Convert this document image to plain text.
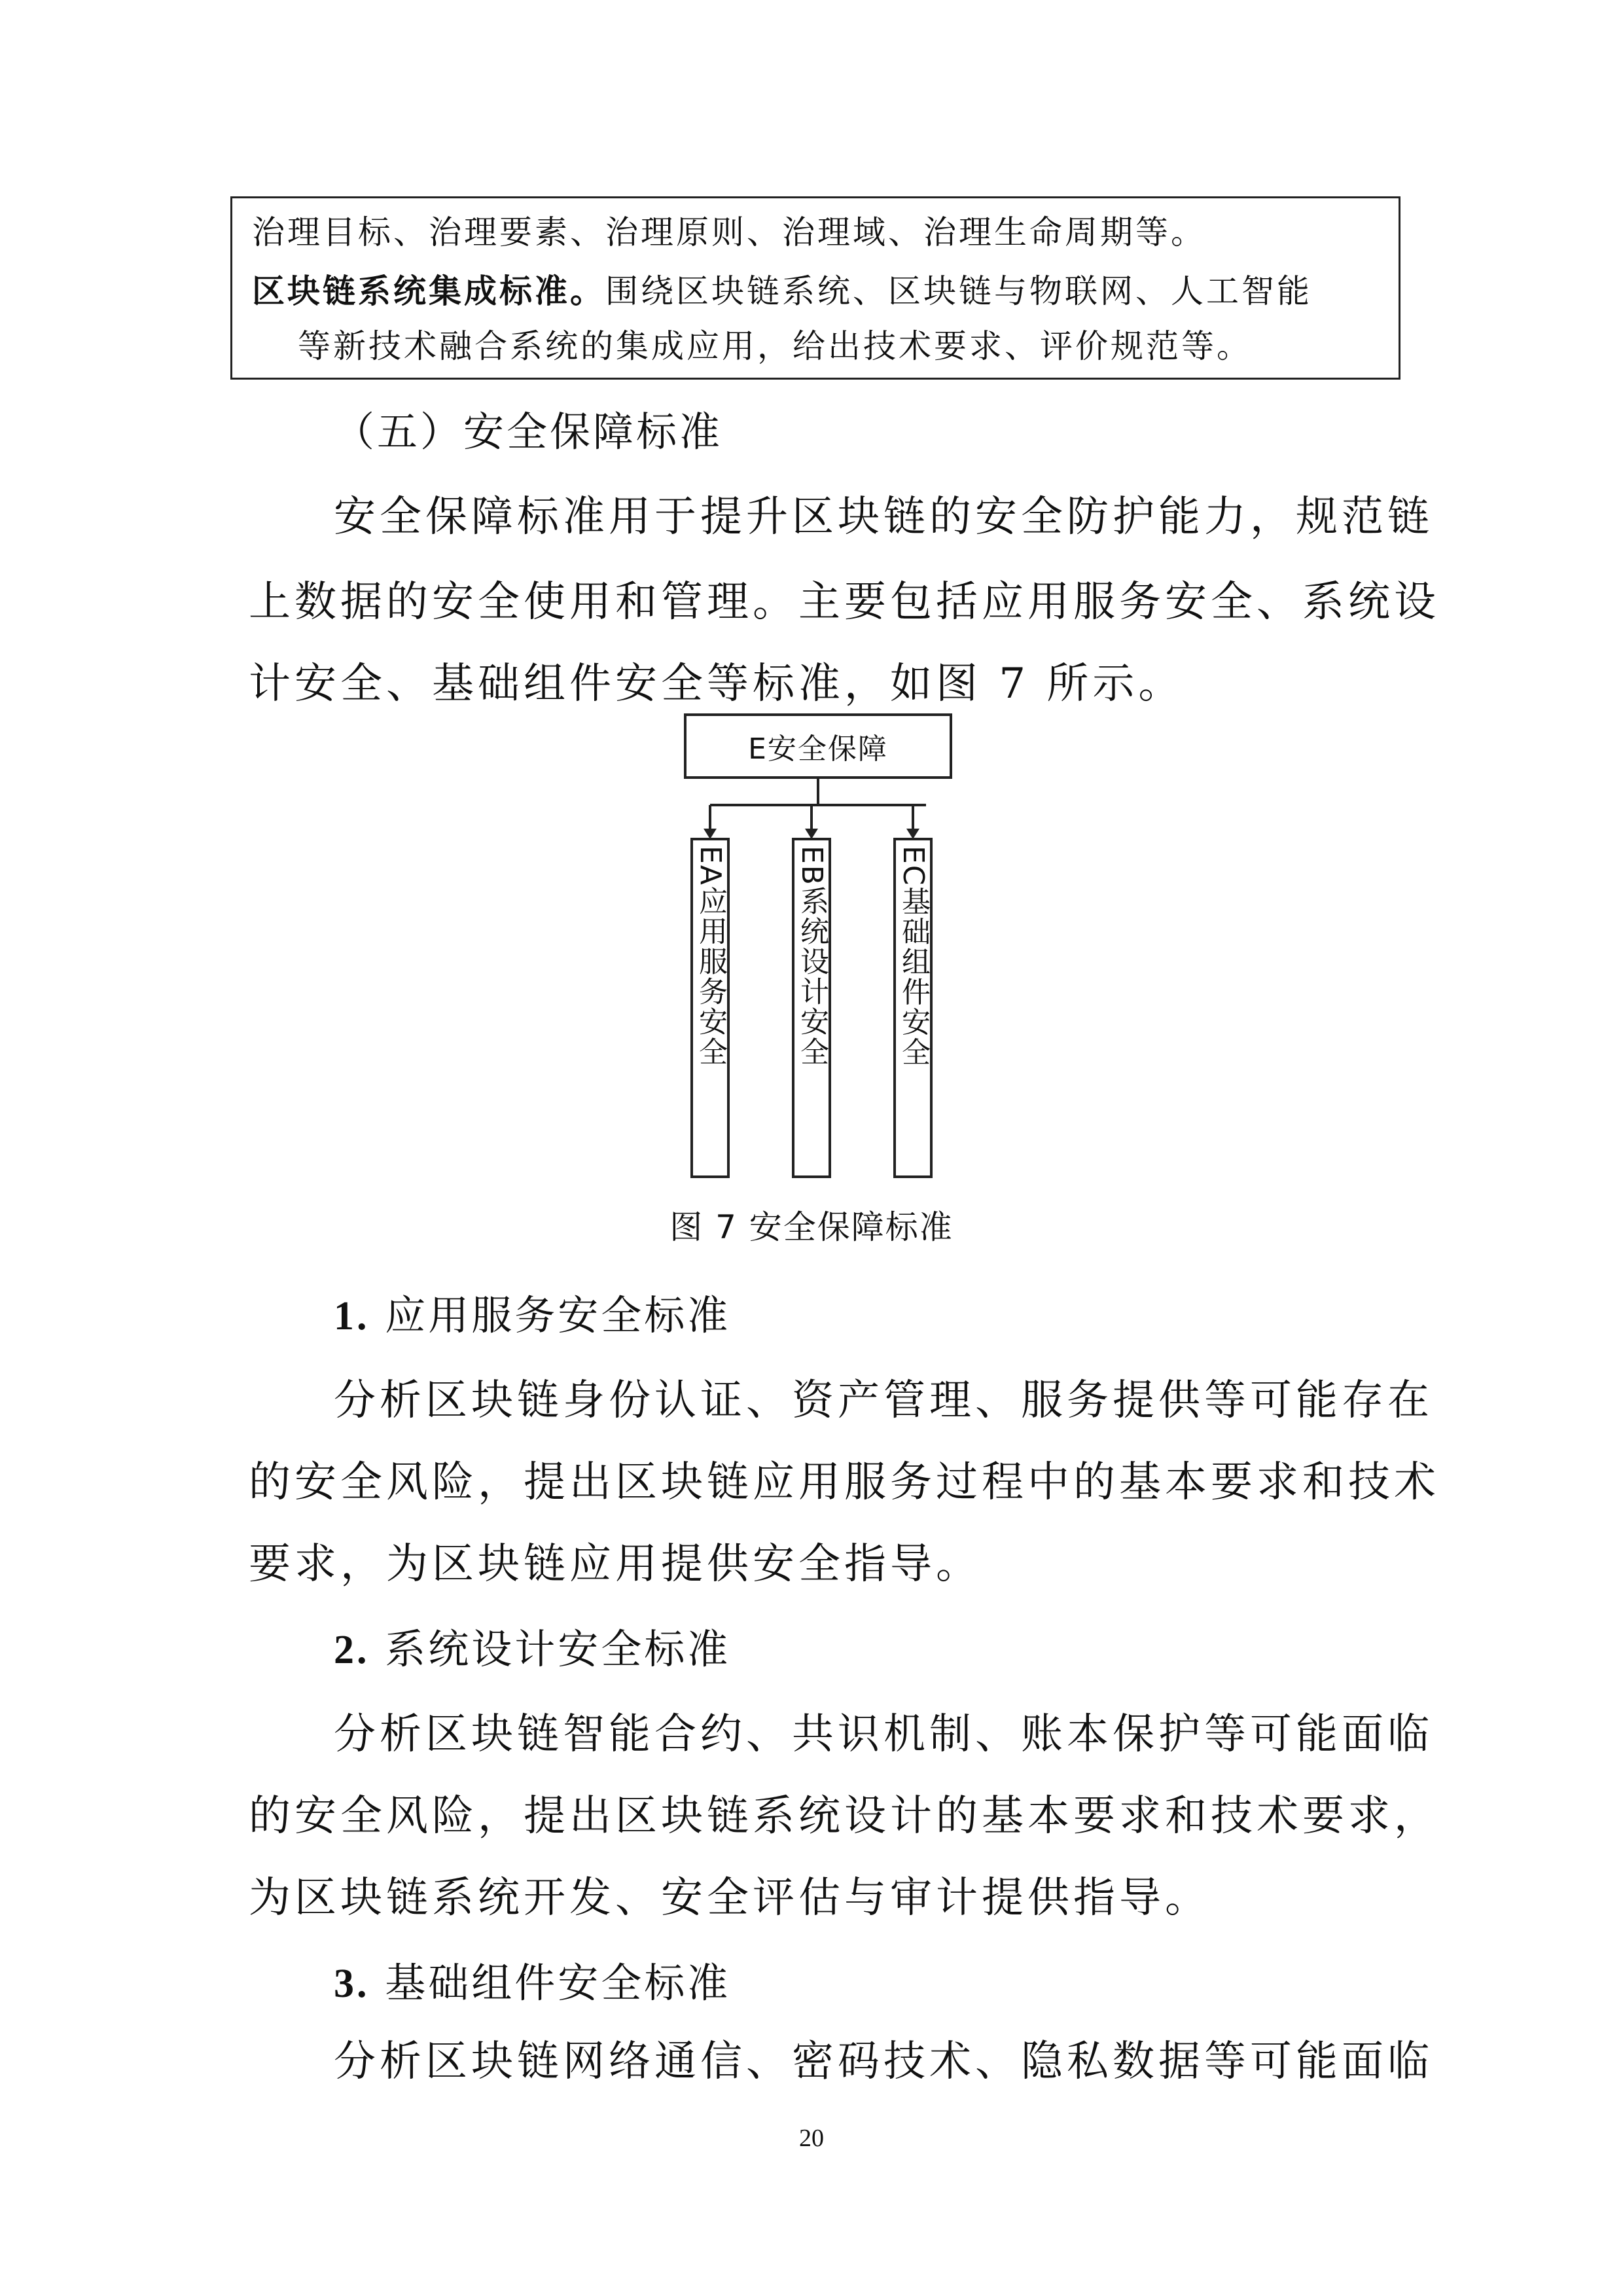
治理目标、治理要素、治理原则、治理域、治理生命周期等。
区块链系统集成标准。围绕区块链系统、区块链与物联网、人工智能
等新技术融合系统的集成应用，给出技术要求、评价规范等。
（五）安全保障标准
安全保障标准用于提升区块链的安全防护能力，规范链
上数据的安全使用和管理。主要包括应用服务安全、系统设
计安全、基础组件安全等标准，如图 7 所示。
E安全保障
EA应用服务安全 EB系统设计安全 EC基础组件安全
图 7 安全保障标准
1. 应用服务安全标准
分析区块链身份认证、资产管理、服务提供等可能存在
的安全风险，提出区块链应用服务过程中的基本要求和技术
要求，为区块链应用提供安全指导。
2. 系统设计安全标准
分析区块链智能合约、共识机制、账本保护等可能面临
的安全风险，提出区块链系统设计的基本要求和技术要求，
为区块链系统开发、安全评估与审计提供指导。
3. 基础组件安全标准
分析区块链网络通信、密码技术、隐私数据等可能面临
20
